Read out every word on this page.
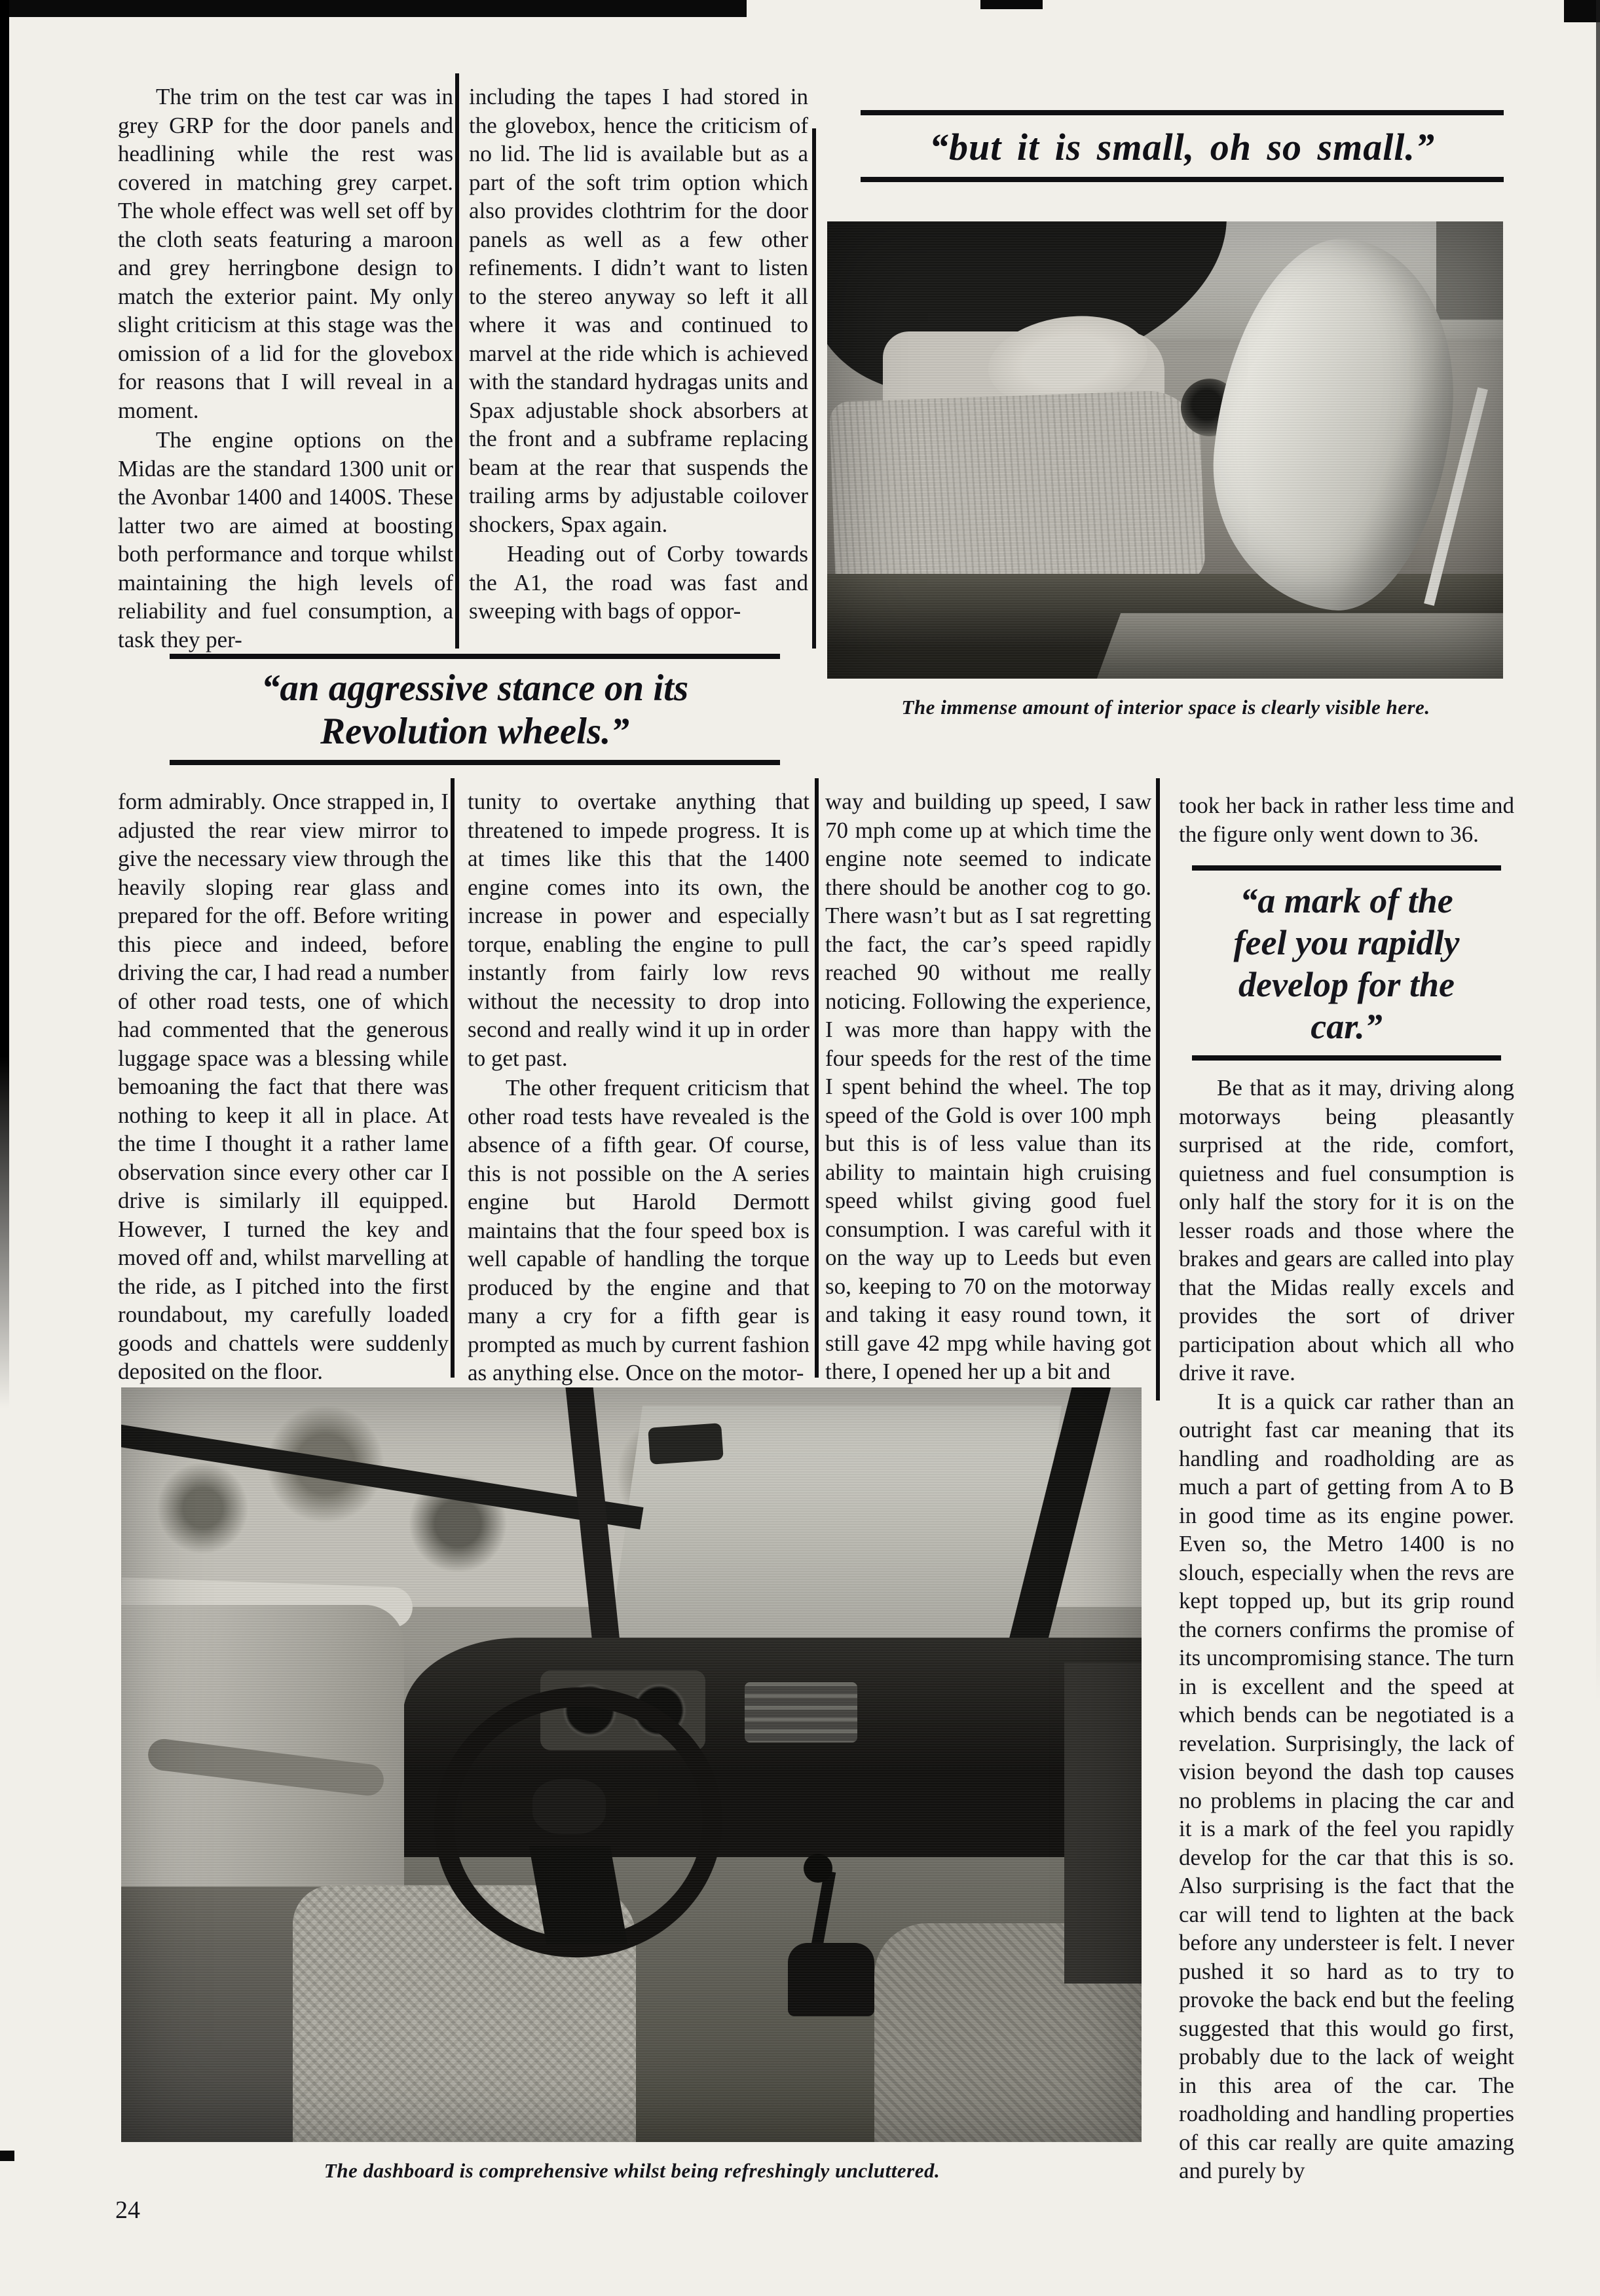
“but it is small, oh so small.”
The immense amount of interior space is clearly visible here.

The trim on the test car was in grey GRP for the door panels and headlining while the rest was covered in matching grey carpet. The whole effect was well set off by the cloth seats featuring a maroon and grey herringbone design to match the exterior paint. My only slight criticism at this stage was the omission of a lid for the glovebox for reasons that I will reveal in a moment.

The engine options on the Midas are the standard 1300 unit or the Avonbar 1400 and 1400S. These latter two are aimed at boosting both performance and torque whilst maintaining the high levels of reliability and fuel consumption, a task they per-

including the tapes I had stored in the glovebox, hence the criticism of no lid. The lid is available but as a part of the soft trim option which also provides clothtrim for the door panels as well as a few other refinements. I didn’t want to listen to the stereo anyway so left it all where it was and continued to marvel at the ride which is achieved with the standard hydragas units and Spax adjustable shock absorbers at the front and a subframe replacing beam at the rear that suspends the trailing arms by adjustable coilover shockers, Spax again.

Heading out of Corby towards the A1, the road was fast and sweeping with bags of oppor-

“an aggressive stance on its
Revolution wheels.”

form admirably. Once strapped in, I adjusted the rear view mirror to give the necessary view through the heavily sloping rear glass and prepared for the off. Before writing this piece and indeed, before driving the car, I had read a number of other road tests, one of which had commented that the generous luggage space was a blessing while bemoaning the fact that there was nothing to keep it all in place. At the time I thought it a rather lame observation since every other car I drive is similarly ill equipped. However, I turned the key and moved off and, whilst marvelling at the ride, as I pitched into the first roundabout, my carefully loaded goods and chattels were suddenly deposited on the floor.

tunity to overtake anything that threatened to impede progress. It is at times like this that the 1400 engine comes into its own, the increase in power and especially torque, enabling the engine to pull instantly from fairly low revs without the necessity to drop into second and really wind it up in order to get past.

The other frequent criticism that other road tests have revealed is the absence of a fifth gear. Of course, this is not possible on the A series engine but Harold Dermott maintains that the four speed box is well capable of handling the torque produced by the engine and that many a cry for a fifth gear is prompted as much by current fashion as anything else. Once on the motor-

way and building up speed, I saw 70 mph come up at which time the engine note seemed to indicate there should be another cog to go. There wasn’t but as I sat regretting the fact, the car’s speed rapidly reached 90 without me really noticing. Following the experience, I was more than happy with the four speeds for the rest of the time I spent behind the wheel. The top speed of the Gold is over 100 mph but this is of less value than its ability to maintain high cruising speed whilst giving good fuel consumption. I was careful with it on the way up to Leeds but even so, keeping to 70 on the motorway and taking it easy round town, it still gave 42 mpg while having got there, I opened her up a bit and

took her back in rather less time and the figure only went down to 36.

“a mark of the
feel you rapidly
develop for the
car.”

Be that as it may, driving along motorways being pleasantly surprised at the ride, comfort, quietness and fuel consumption is only half the story for it is on the lesser roads and those where the brakes and gears are called into play that the Midas really excels and provides the sort of driver participation about which all who drive it rave.

It is a quick car rather than an outright fast car meaning that its handling and roadholding are as much a part of getting from A to B in good time as its engine power. Even so, the Metro 1400 is no slouch, especially when the revs are kept topped up, but its grip round the corners confirms the promise of its uncompromising stance. The turn in is excellent and the speed at which bends can be negotiated is a revelation. Surprisingly, the lack of vision beyond the dash top causes no problems in placing the car and it is a mark of the feel you rapidly develop for the car that this is so. Also surprising is the fact that the car will tend to lighten at the back before any understeer is felt. I never pushed it so hard as to try to provoke the back end but the feeling suggested that this would go first, probably due to the lack of weight in this area of the car. The roadholding and handling properties of this car really are quite amazing and purely by

The dashboard is comprehensive whilst being refreshingly uncluttered.
24
